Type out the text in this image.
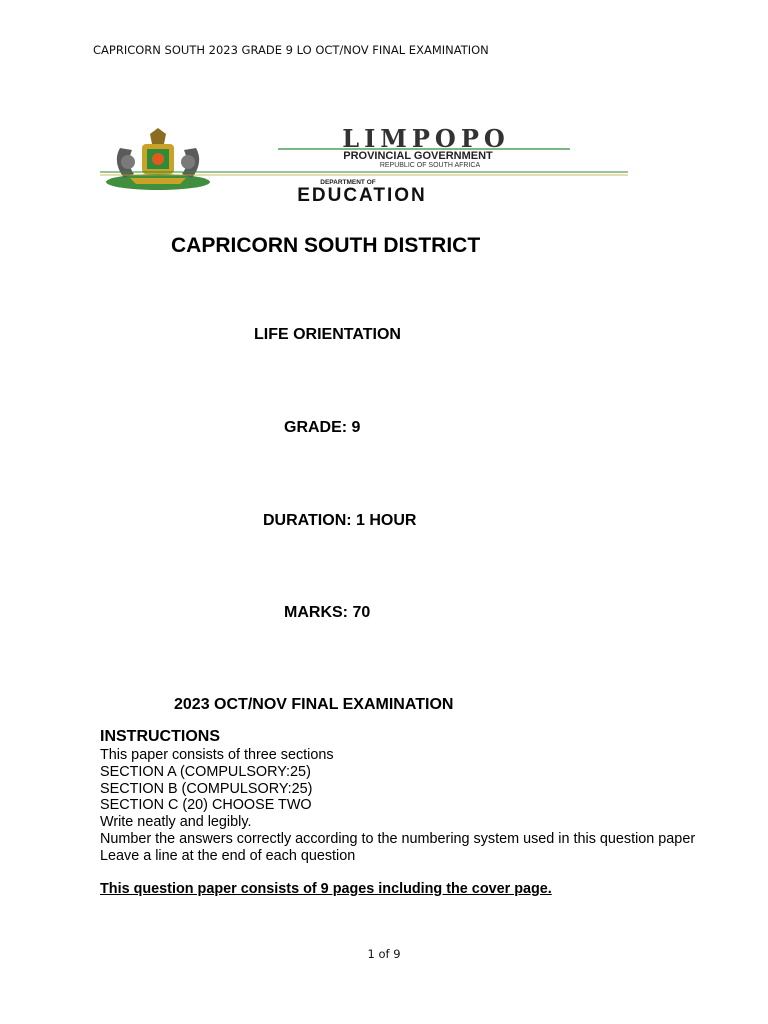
CAPRICORN SOUTH 2023 GRADE 9 LO OCT/NOV FINAL EXAMINATION
LIMPOPO
PROVINCIAL GOVERNMENT
REPUBLIC OF SOUTH AFRICA
DEPARTMENT OF
EDUCATION
CAPRICORN SOUTH DISTRICT
LIFE ORIENTATION
GRADE: 9
DURATION: 1 HOUR
MARKS: 70
2023 OCT/NOV FINAL EXAMINATION
INSTRUCTIONS
This paper consists of three sections
SECTION A (COMPULSORY:25)
SECTION B (COMPULSORY:25)
SECTION C (20) CHOOSE TWO
Write neatly and legibly.
Number the answers correctly according to the numbering system used in this question paper
Leave a line at the end of each question
This question paper consists of 9 pages including the cover page.
1 of 9
